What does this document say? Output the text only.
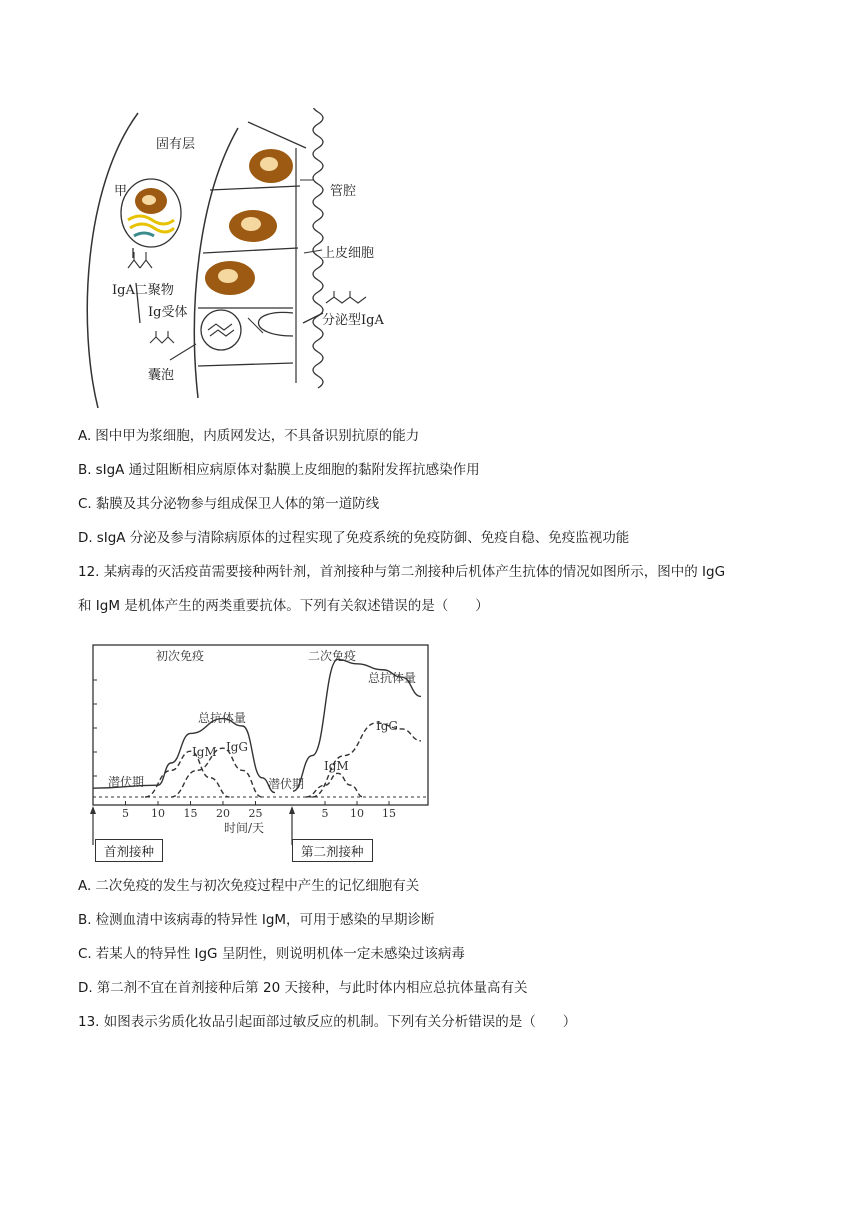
固有层
甲
IgA二聚物
Ig受体
囊泡
管腔
上皮细胞
分泌型IgA
A. 图中甲为浆细胞，内质网发达，不具备识别抗原的能力
B. sIgA 通过阻断相应病原体对黏膜上皮细胞的黏附发挥抗感染作用
C. 黏膜及其分泌物参与组成保卫人体的第一道防线
D. sIgA 分泌及参与清除病原体的过程实现了免疫系统的免疫防御、免疫自稳、免疫监视功能
12. 某病毒的灭活疫苗需要接种两针剂，首剂接种与第二剂接种后机体产生抗体的情况如图所示，图中的 IgG
和 IgM 是机体产生的两类重要抗体。下列有关叙述错误的是（　　）
5 10 15 20 25	5 10 15
初次免疫	二次免疫
时间/天
潜伏期	潜伏期
总抗体量
IgM IgG
总抗体量
IgM
IgG
首剂接种	第二剂接种
A. 二次免疫的发生与初次免疫过程中产生的记忆细胞有关
B. 检测血清中该病毒的特异性 IgM，可用于感染的早期诊断
C. 若某人的特异性 IgG 呈阴性，则说明机体一定未感染过该病毒
D. 第二剂不宜在首剂接种后第 20 天接种，与此时体内相应总抗体量高有关
13. 如图表示劣质化妆品引起面部过敏反应的机制。下列有关分析错误的是（　　）
